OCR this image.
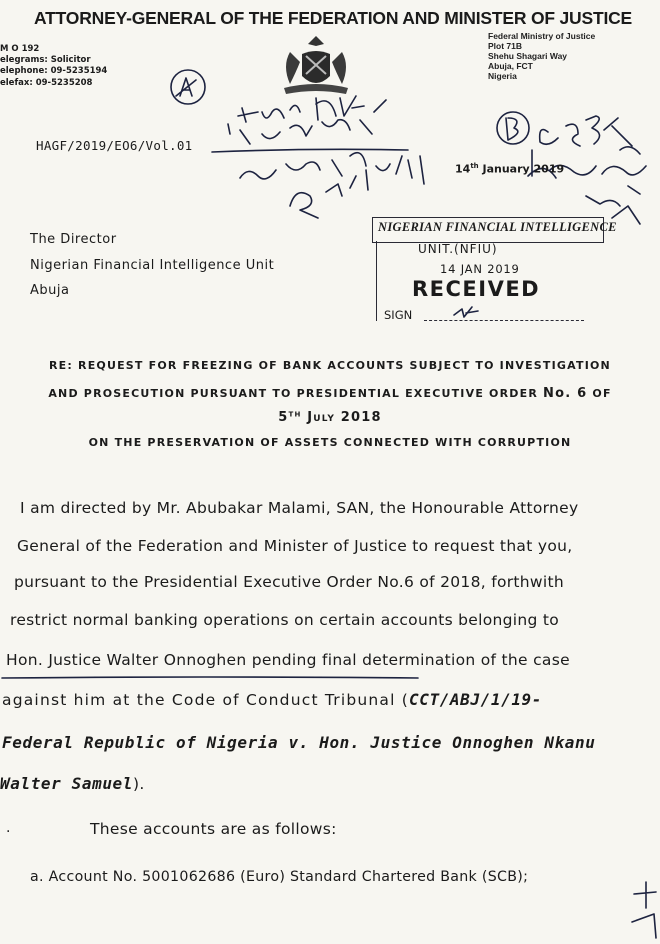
ATTORNEY-GENERAL OF THE FEDERATION AND MINISTER OF JUSTICE
M O 192
elegrams: Solicitor
elephone: 09-5235194
elefax: 09-5235208
Federal Ministry of Justice
Plot 71B
Shehu Shagari Way
Abuja, FCT
Nigeria
HAGF/2019/EO6/Vol.01
14th January 2019
The Director
Nigerian Financial Intelligence Unit
Abuja
NIGERIAN FINANCIAL INTELLIGENCE
UNIT.(NFIU)
14 JAN 2019
RECEIVED
SIGN
RE: REQUEST FOR FREEZING OF BANK ACCOUNTS SUBJECT TO INVESTIGATION
AND PROSECUTION PURSUANT TO PRESIDENTIAL EXECUTIVE ORDER No. 6 OF
5TH July 2018
ON THE PRESERVATION OF ASSETS CONNECTED WITH CORRUPTION
I am directed by Mr. Abubakar Malami, SAN, the Honourable Attorney
General of the Federation and Minister of Justice to request that you,
pursuant to the Presidential Executive Order No.6 of 2018, forthwith
restrict normal banking operations on certain accounts belonging to
Hon. Justice Walter Onnoghen pending final determination of the case
against him at the Code of Conduct Tribunal (CCT/ABJ/1/19-
Federal Republic of Nigeria v. Hon. Justice Onnoghen Nkanu
Walter Samuel).
.	These accounts are as follows:
a. Account No. 5001062686 (Euro) Standard Chartered Bank (SCB);
